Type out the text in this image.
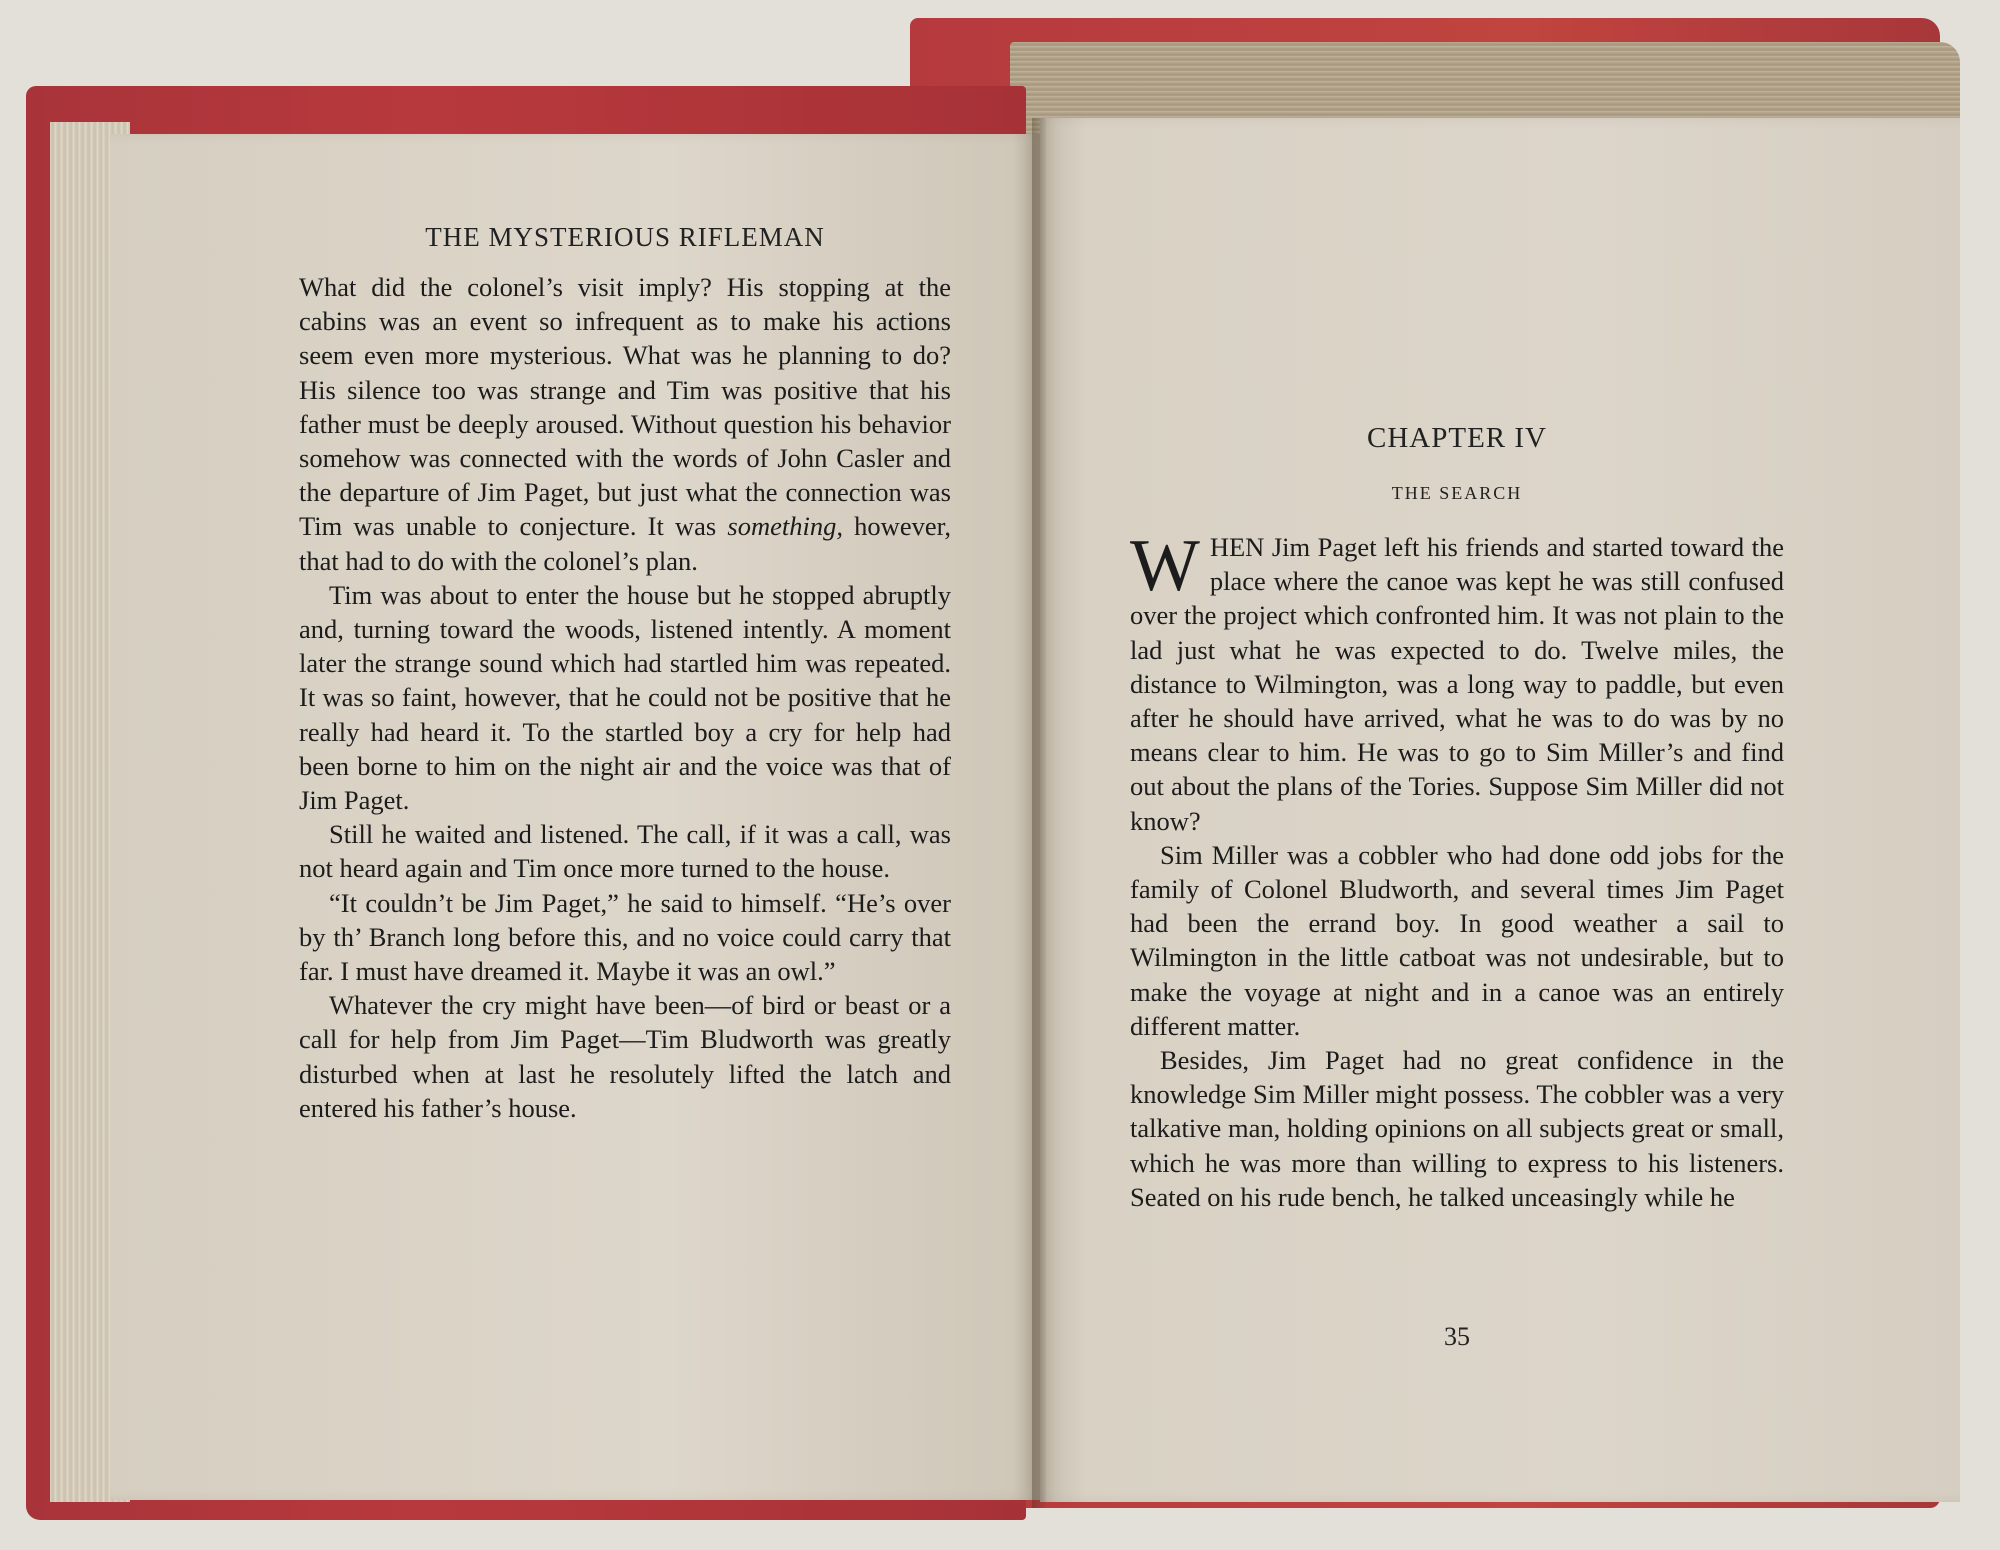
THE MYSTERIOUS RIFLEMAN

What did the colonel’s visit imply? His stopping at the cabins was an event so infrequent as to make his actions seem even more mysterious. What was he planning to do? His silence too was strange and Tim was positive that his father must be deeply aroused. Without question his behavior somehow was connected with the words of John Casler and the departure of Jim Paget, but just what the connection was Tim was unable to conjecture. It was something, however, that had to do with the colonel’s plan.

Tim was about to enter the house but he stopped abruptly and, turning toward the woods, listened intently. A moment later the strange sound which had startled him was repeated. It was so faint, however, that he could not be positive that he really had heard it. To the startled boy a cry for help had been borne to him on the night air and the voice was that of Jim Paget.

Still he waited and listened. The call, if it was a call, was not heard again and Tim once more turned to the house.

“It couldn’t be Jim Paget,” he said to himself. “He’s over by th’ Branch long before this, and no voice could carry that far. I must have dreamed it. Maybe it was an owl.”

Whatever the cry might have been—of bird or beast or a call for help from Jim Paget—Tim Bludworth was greatly disturbed when at last he resolutely lifted the latch and entered his father’s house.

CHAPTER IV
THE SEARCH

WHEN Jim Paget left his friends and started toward the place where the canoe was kept he was still confused over the project which confronted him. It was not plain to the lad just what he was expected to do. Twelve miles, the distance to Wilmington, was a long way to paddle, but even after he should have arrived, what he was to do was by no means clear to him. He was to go to Sim Miller’s and find out about the plans of the Tories. Suppose Sim Miller did not know?

Sim Miller was a cobbler who had done odd jobs for the family of Colonel Bludworth, and several times Jim Paget had been the errand boy. In good weather a sail to Wilmington in the little catboat was not undesirable, but to make the voyage at night and in a canoe was an entirely different matter.

Besides, Jim Paget had no great confidence in the knowledge Sim Miller might possess. The cobbler was a very talkative man, holding opinions on all subjects great or small, which he was more than willing to express to his listeners. Seated on his rude bench, he talked unceasingly while he

35
